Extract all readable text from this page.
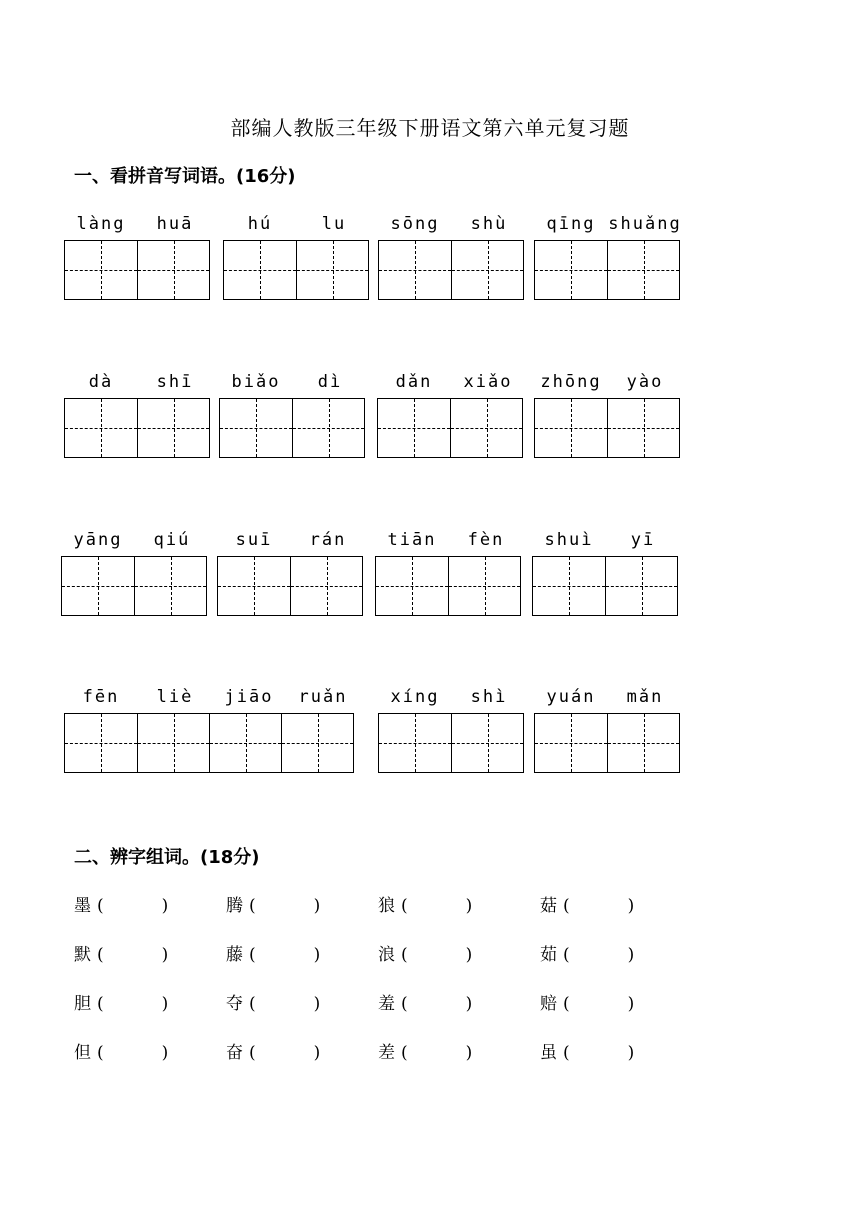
部编人教版三年级下册语文第六单元复习题
一、看拼音写词语。(16分)
làng	huā	hú	lu	sōng	shù	qīng shuǎng
dà	shī	biǎo	dì	dǎn	xiǎo	zhōng	yào
yāng	qiú	suī	rán	tiān	fèn	shuì	yī
fēn	liè	jiāo	ruǎn	xíng	shì	yuán	mǎn
二、辨字组词。(18分)
墨 (	)	腾 (	)	狼 (	)	菇 (	)
默 (	)	藤 (	)	浪 (	)	茹 (	)
胆 (	)	夺 (	)	羞 (	)	赔 (	)
但 (	)	奋 (	)	差 (	)	虽 (	)
